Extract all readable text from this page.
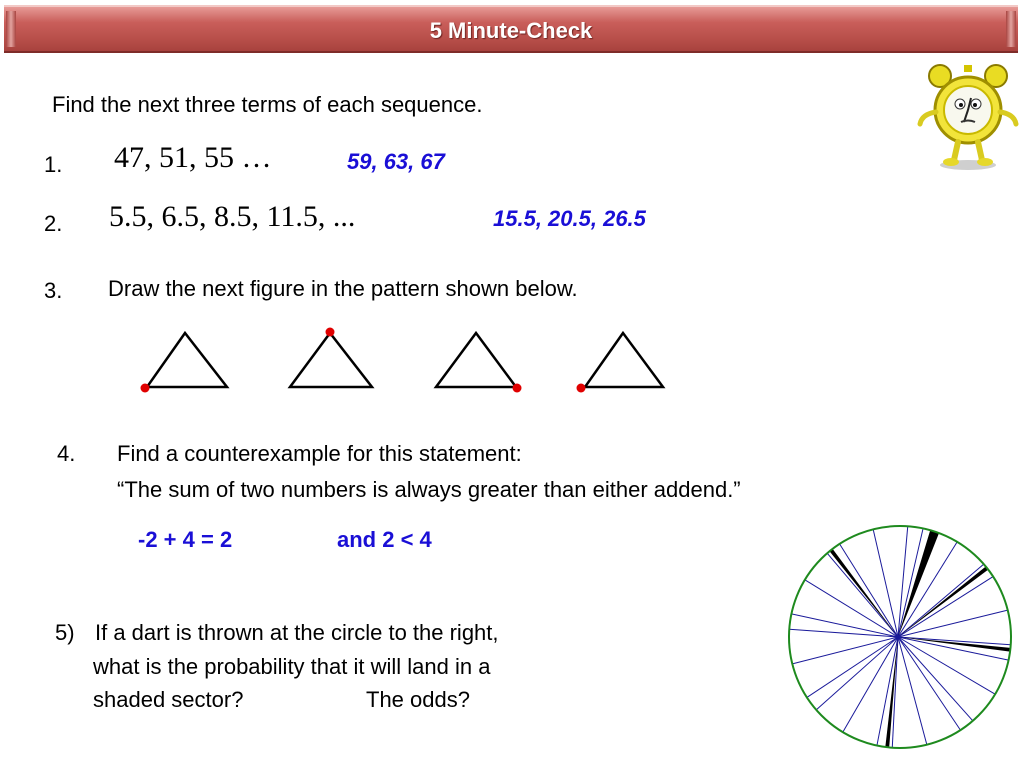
5 Minute-Check
Find the next three terms of each sequence.
1. 47, 51, 55 …	59, 63, 67
2. 5.5, 6.5, 8.5, 11.5, ...	15.5, 20.5, 26.5
3. Draw the next figure in the pattern shown below.
4. Find a counterexample for this statement:
“The sum of two numbers is always greater than either addend.”
-2 + 4 = 2	and 2 < 4
5) If a dart is thrown at the circle to the right,
what is the probability that it will land in a
shaded sector?	The odds?
